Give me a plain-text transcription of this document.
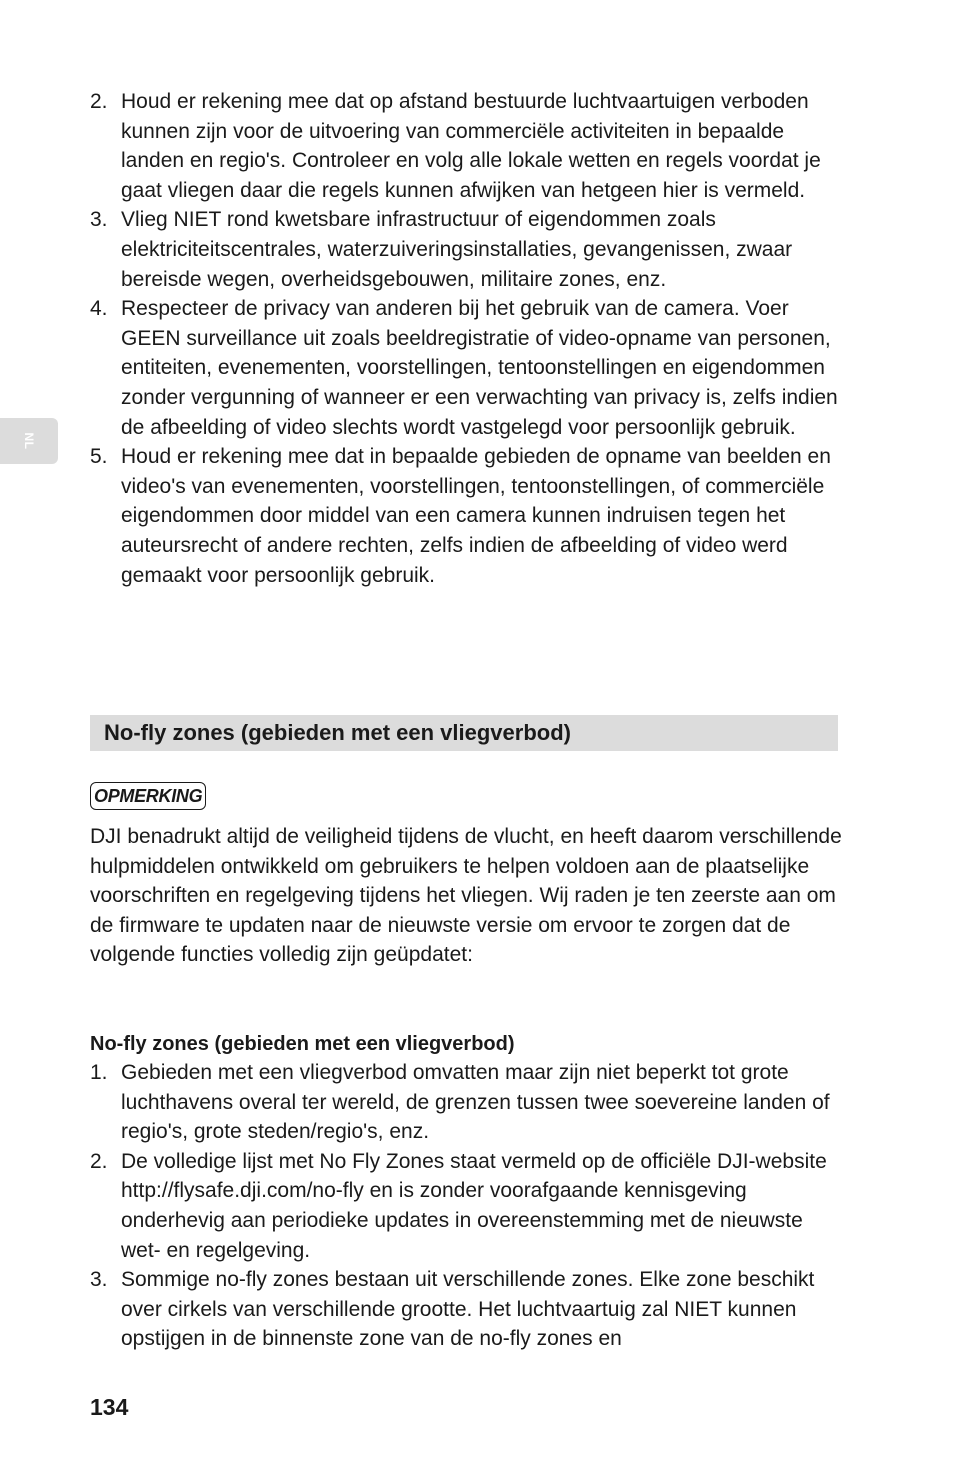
NL
2. Houd er rekening mee dat op afstand bestuurde luchtvaartuigen verboden kunnen zijn voor de uitvoering van commerciële activiteiten in bepaalde landen en regio's. Controleer en volg alle lokale wetten en regels voordat je gaat vliegen daar die regels kunnen afwijken van hetgeen hier is vermeld.
3. Vlieg NIET rond kwetsbare infrastructuur of eigendommen zoals elektriciteitscentrales, waterzuiveringsinstallaties, gevangenissen, zwaar bereisde wegen, overheidsgebouwen, militaire zones, enz.
4. Respecteer de privacy van anderen bij het gebruik van de camera. Voer GEEN surveillance uit zoals beeldregistratie of video-opname van personen, entiteiten, evenementen, voorstellingen, tentoonstellingen en eigendommen zonder vergunning of wanneer er een verwachting van privacy is, zelfs indien de afbeelding of video slechts wordt vastgelegd voor persoonlijk gebruik.
5. Houd er rekening mee dat in bepaalde gebieden de opname van beelden en video's van evenementen, voorstellingen, tentoonstellingen, of commerciële eigendommen door middel van een camera kunnen indruisen tegen het auteursrecht of andere rechten, zelfs indien de afbeelding of video werd gemaakt voor persoonlijk gebruik.
No-fly zones (gebieden met een vliegverbod)
OPMERKING

DJI benadrukt altijd de veiligheid tijdens de vlucht, en heeft daarom verschillende hulpmiddelen ontwikkeld om gebruikers te helpen voldoen aan de plaatselijke voorschriften en regelgeving tijdens het vliegen. Wij raden je ten zeerste aan om de firmware te updaten naar de nieuwste versie om ervoor te zorgen dat de volgende functies volledig zijn geüpdatet:

No-fly zones (gebieden met een vliegverbod)
1. Gebieden met een vliegverbod omvatten maar zijn niet beperkt tot grote luchthavens overal ter wereld, de grenzen tussen twee soevereine landen of regio's, grote steden/regio's, enz.
2. De volledige lijst met No Fly Zones staat vermeld op de officiële DJI-website http://flysafe.dji.com/no-fly en is zonder voorafgaande kennisgeving onderhevig aan periodieke updates in overeenstemming met de nieuwste wet- en regelgeving.
3. Sommige no-fly zones bestaan uit verschillende zones. Elke zone beschikt over cirkels van verschillende grootte. Het luchtvaartuig zal NIET kunnen opstijgen in de binnenste zone van de no-fly zones en
134
